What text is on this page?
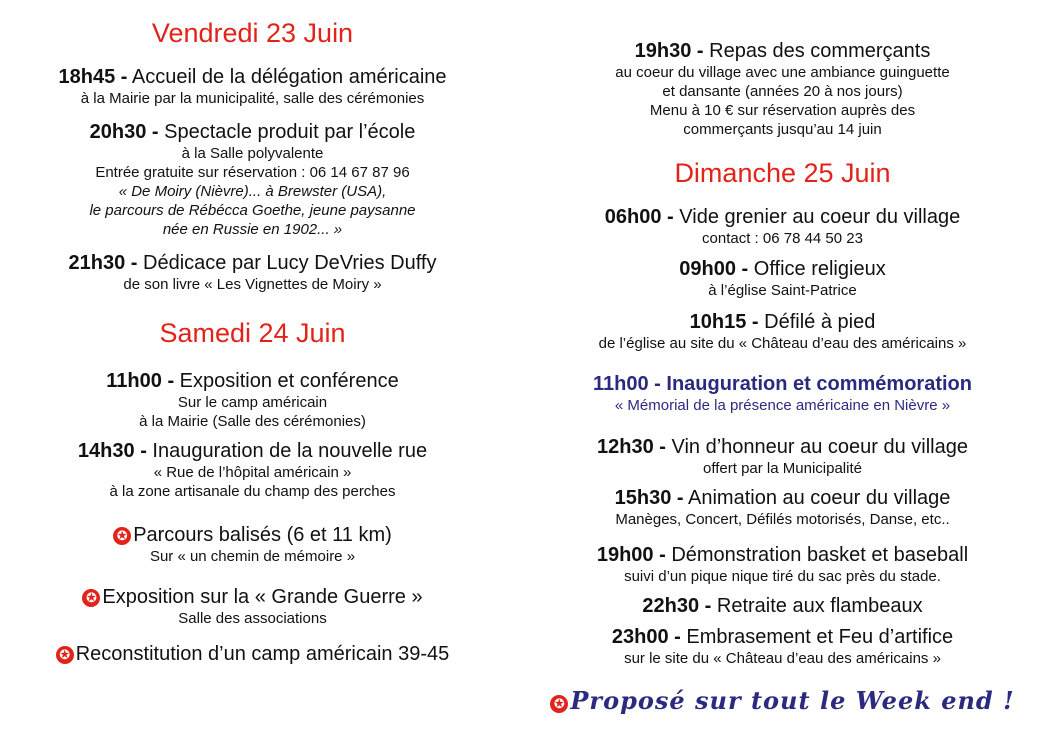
Vendredi 23 Juin
18h45 - Accueil de la délégation américaine
à la Mairie par la municipalité, salle des cérémonies
20h30 - Spectacle produit par l’école
à la Salle polyvalente
Entrée gratuite sur réservation : 06 14 67 87 96
« De Moiry (Nièvre)... à Brewster (USA),
le parcours de Rébécca Goethe, jeune paysanne
née en Russie en 1902... »
21h30 - Dédicace par Lucy DeVries Duffy
de son livre « Les Vignettes de Moiry »
Samedi 24 Juin
11h00 - Exposition et conférence
Sur le camp américain
à la Mairie (Salle des cérémonies)
14h30 - Inauguration de la nouvelle rue
« Rue de l’hôpital américain »
à la zone artisanale du champ des perches
✪ Parcours balisés (6 et 11 km)
Sur « un chemin de mémoire »
✪ Exposition sur la « Grande Guerre »
Salle des associations
✪ Reconstitution d’un camp américain 39-45
19h30 - Repas des commerçants
au coeur du village avec une ambiance guinguette
et dansante (années 20 à nos jours)
Menu à 10 € sur réservation auprès des
commerçants jusqu’au 14 juin
Dimanche 25 Juin
06h00 - Vide grenier au coeur du village
contact : 06 78 44 50 23
09h00 - Office religieux
à l’église Saint-Patrice
10h15 - Défilé à pied
de l’église au site du « Château d’eau des américains »
11h00 - Inauguration et commémoration
« Mémorial de la présence américaine en Nièvre »
12h30 - Vin d’honneur au coeur du village
offert par la Municipalité
15h30 - Animation au coeur du village
Manèges, Concert, Défilés motorisés, Danse, etc..
19h00 - Démonstration basket et baseball
suivi d’un pique nique tiré du sac près du stade.
22h30 - Retraite aux flambeaux
23h00 - Embrasement et Feu d’artifice
sur le site du « Château d’eau des américains »
✪ Proposé sur tout le Week end !
